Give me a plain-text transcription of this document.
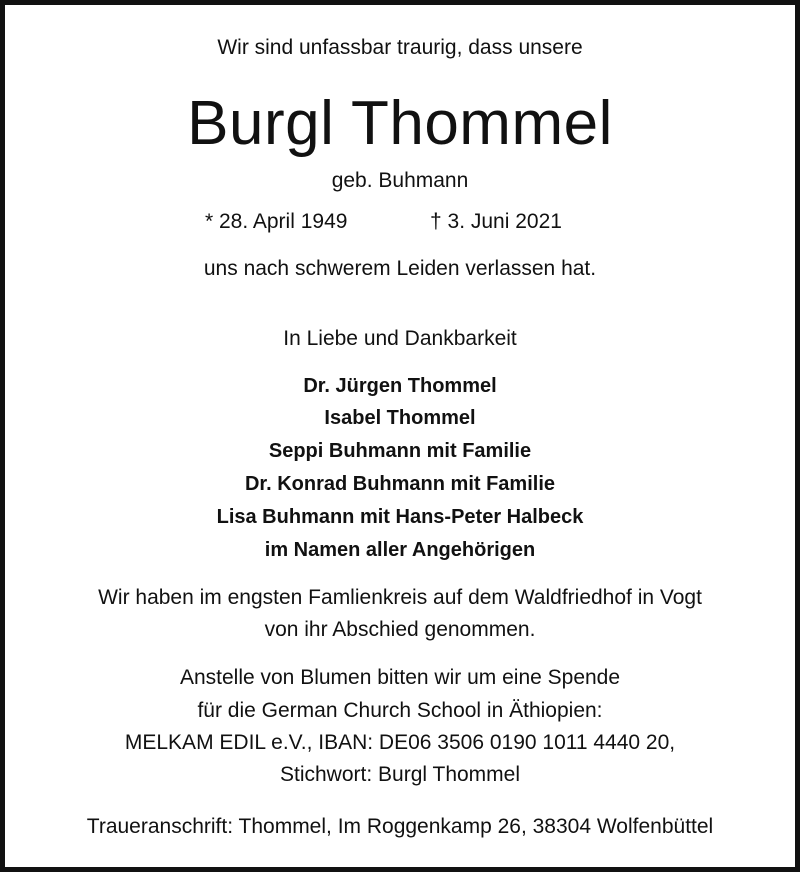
Wir sind unfassbar traurig, dass unsere
Burgl Thommel
geb. Buhmann
* 28. April 1949	† 3. Juni 2021
uns nach schwerem Leiden verlassen hat.
In Liebe und Dankbarkeit
Dr. Jürgen Thommel
Isabel Thommel
Seppi Buhmann mit Familie
Dr. Konrad Buhmann mit Familie
Lisa Buhmann mit Hans-Peter Halbeck
im Namen aller Angehörigen
Wir haben im engsten Famlienkreis auf dem Waldfriedhof in Vogt
von ihr Abschied genommen.
Anstelle von Blumen bitten wir um eine Spende
für die German Church School in Äthiopien:
MELKAM EDIL e.V., IBAN: DE06 3506 0190 1011 4440 20,
Stichwort: Burgl Thommel
Traueranschrift: Thommel, Im Roggenkamp 26, 38304 Wolfenbüttel
